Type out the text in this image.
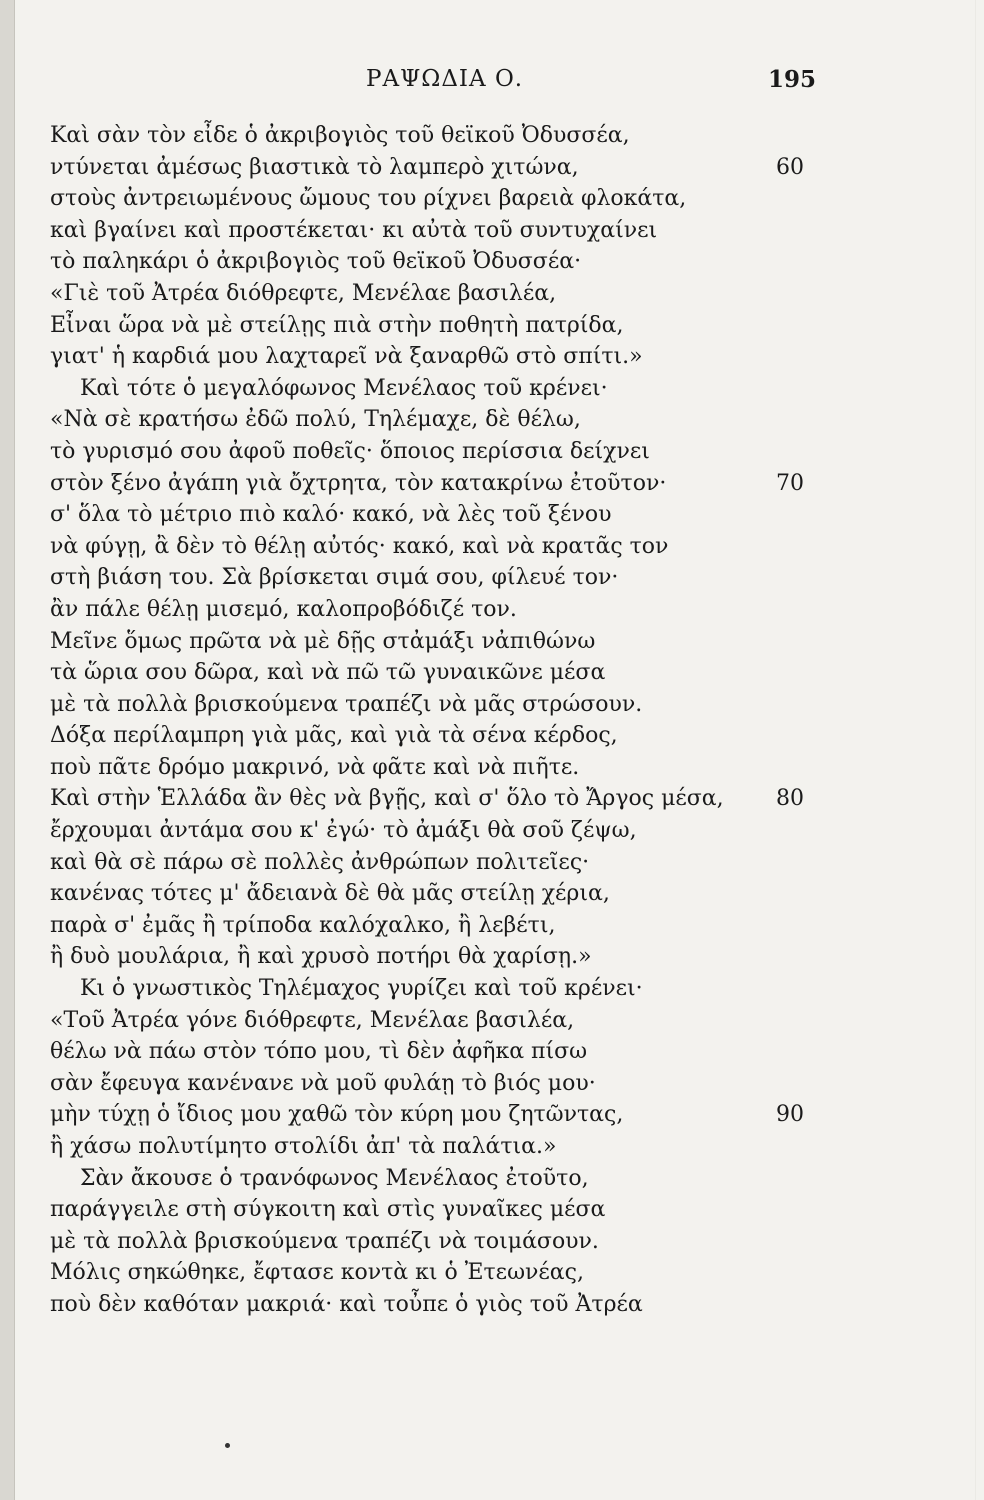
ΡΑΨΩΔΙΑ Ο.	195
Καὶ σὰν τὸν εἶδε ὁ ἀκριβογιὸς τοῦ θεϊκοῦ Ὀδυσσέα,
ντύνεται ἀμέσως βιαστικὰ τὸ λαμπερὸ χιτώνα,	60
στοὺς ἀντρειωμένους ὤμους του ρίχνει βαρειὰ φλοκάτα,
καὶ βγαίνει καὶ προστέκεται· κι αὐτὰ τοῦ συντυχαίνει
τὸ παληκάρι ὁ ἀκριβογιὸς τοῦ θεϊκοῦ Ὀδυσσέα·
«Γιὲ τοῦ Ἀτρέα διόθρεφτε, Μενέλαε βασιλέα,
Εἶναι ὥρα νὰ μὲ στείλῃς πιὰ στὴν ποθητὴ πατρίδα,
γιατ' ἡ καρδιά μου λαχταρεῖ νὰ ξαναρθῶ στὸ σπίτι.»
Καὶ τότε ὁ μεγαλόφωνος Μενέλαος τοῦ κρένει·
«Νὰ σὲ κρατήσω ἐδῶ πολύ, Τηλέμαχε, δὲ θέλω,
τὸ γυρισμό σου ἀφοῦ ποθεῖς· ὅποιος περίσσια δείχνει
στὸν ξένο ἀγάπη γιὰ ὄχτρητα, τὸν κατακρίνω ἐτοῦτον·	70
σ' ὅλα τὸ μέτριο πιὸ καλό· κακό, νὰ λὲς τοῦ ξένου
νὰ φύγῃ, ἂ δὲν τὸ θέλῃ αὐτός· κακό, καὶ νὰ κρατᾶς τον
στὴ βιάση του. Σὰ βρίσκεται σιμά σου, φίλευέ τον·
ἂν πάλε θέλῃ μισεμό, καλοπροβόδιζέ τον.
Μεῖνε ὅμως πρῶτα νὰ μὲ δῇς στἀμάξι νἀπιθώνω
τὰ ὥρια σου δῶρα, καὶ νὰ πῶ τῶ γυναικῶνε μέσα
μὲ τὰ πολλὰ βρισκούμενα τραπέζι νὰ μᾶς στρώσουν.
Δόξα περίλαμπρη γιὰ μᾶς, καὶ γιὰ τὰ σένα κέρδος,
ποὺ πᾶτε δρόμο μακρινό, νὰ φᾶτε καὶ νὰ πιῆτε.
Καὶ στὴν Ἑλλάδα ἂν θὲς νὰ βγῇς, καὶ σ' ὅλο τὸ Ἄργος μέσα, 80
ἔρχουμαι ἀντάμα σου κ' ἐγώ· τὸ ἀμάξι θὰ σοῦ ζέψω,
καὶ θὰ σὲ πάρω σὲ πολλὲς ἀνθρώπων πολιτεῖες·
κανένας τότες μ' ἄδειανὰ δὲ θὰ μᾶς στείλῃ χέρια,
παρὰ σ' ἐμᾶς ἢ τρίποδα καλόχαλκο, ἢ λεβέτι,
ἢ δυὸ μουλάρια, ἢ καὶ χρυσὸ ποτήρι θὰ χαρίσῃ.»
Κι ὁ γνωστικὸς Τηλέμαχος γυρίζει καὶ τοῦ κρένει·
«Τοῦ Ἀτρέα γόνε διόθρεφτε, Μενέλαε βασιλέα,
θέλω νὰ πάω στὸν τόπο μου, τὶ δὲν ἀφῆκα πίσω
σὰν ἔφευγα κανένανε νὰ μοῦ φυλάῃ τὸ βιός μου·
μὴν τύχῃ ὁ ἴδιος μου χαθῶ τὸν κύρη μου ζητῶντας,	90
ἢ χάσω πολυτίμητο στολίδι ἀπ' τὰ παλάτια.»
Σὰν ἄκουσε ὁ τρανόφωνος Μενέλαος ἐτοῦτο,
παράγγειλε στὴ σύγκοιτη καὶ στὶς γυναῖκες μέσα
μὲ τὰ πολλὰ βρισκούμενα τραπέζι νὰ τοιμάσουν.
Μόλις σηκώθηκε, ἔφτασε κοντὰ κι ὁ Ἐτεωνέας,
ποὺ δὲν καθόταν μακριά· καὶ τοὖπε ὁ γιὸς τοῦ Ἀτρέα
